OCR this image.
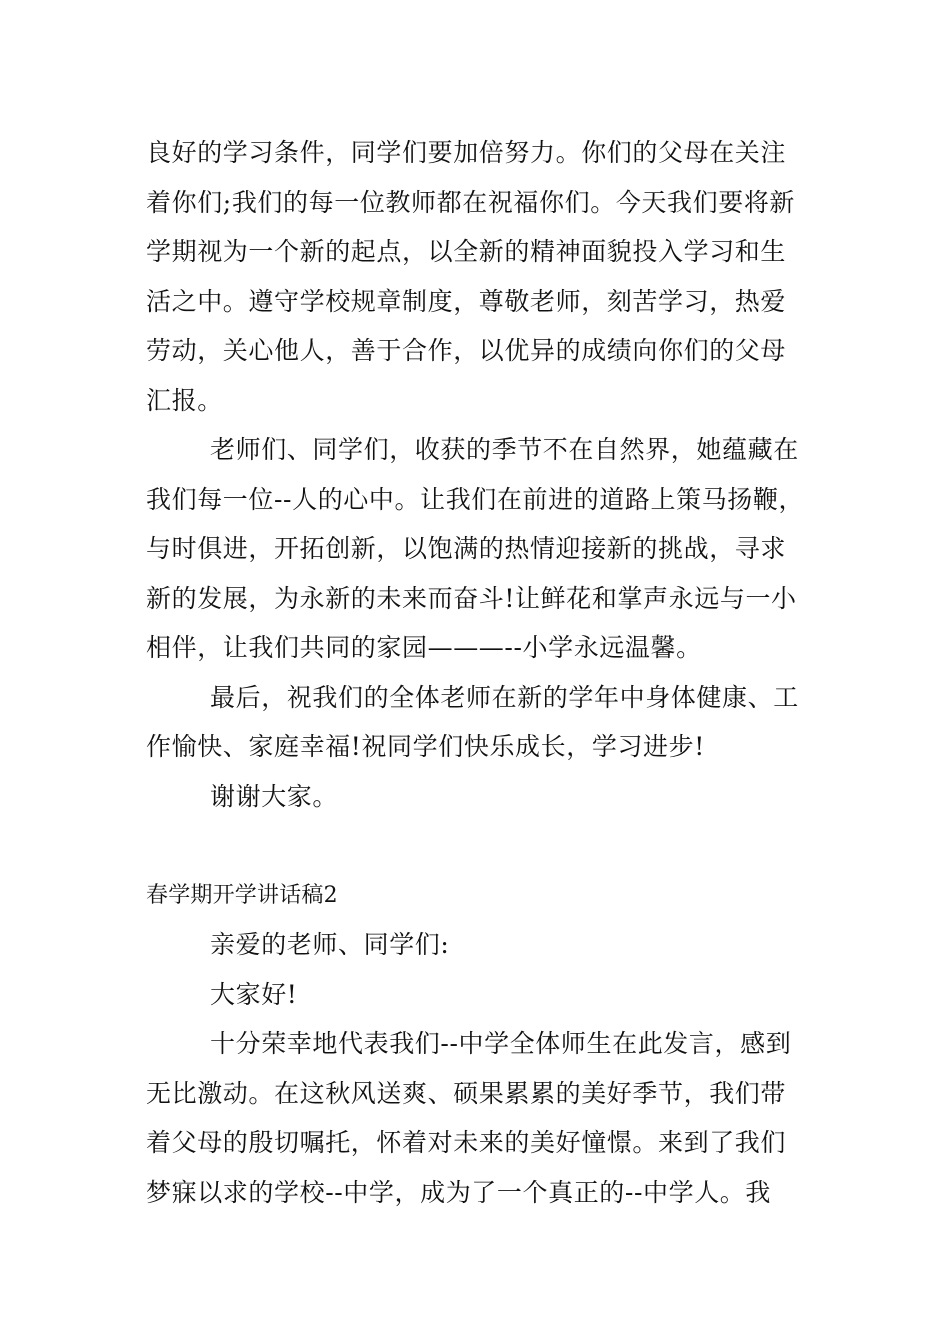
良好的学习条件，同学们要加倍努力。你们的父母在关注
着你们;我们的每一位教师都在祝福你们。今天我们要将新
学期视为一个新的起点，以全新的精神面貌投入学习和生
活之中。遵守学校规章制度，尊敬老师，刻苦学习，热爱
劳动，关心他人，善于合作，以优异的成绩向你们的父母
汇报。
老师们、同学们，收获的季节不在自然界，她蕴藏在
我们每一位--人的心中。让我们在前进的道路上策马扬鞭，
与时俱进，开拓创新，以饱满的热情迎接新的挑战，寻求
新的发展，为永新的未来而奋斗!让鲜花和掌声永远与一小
相伴，让我们共同的家园———--小学永远温馨。
最后，祝我们的全体老师在新的学年中身体健康、工
作愉快、家庭幸福!祝同学们快乐成长，学习进步!
谢谢大家。
春学期开学讲话稿2
亲爱的老师、同学们:
大家好!
十分荣幸地代表我们--中学全体师生在此发言，感到
无比激动。在这秋风送爽、硕果累累的美好季节，我们带
着父母的殷切嘱托，怀着对未来的美好憧憬。来到了我们
梦寐以求的学校--中学，成为了一个真正的--中学人。我
